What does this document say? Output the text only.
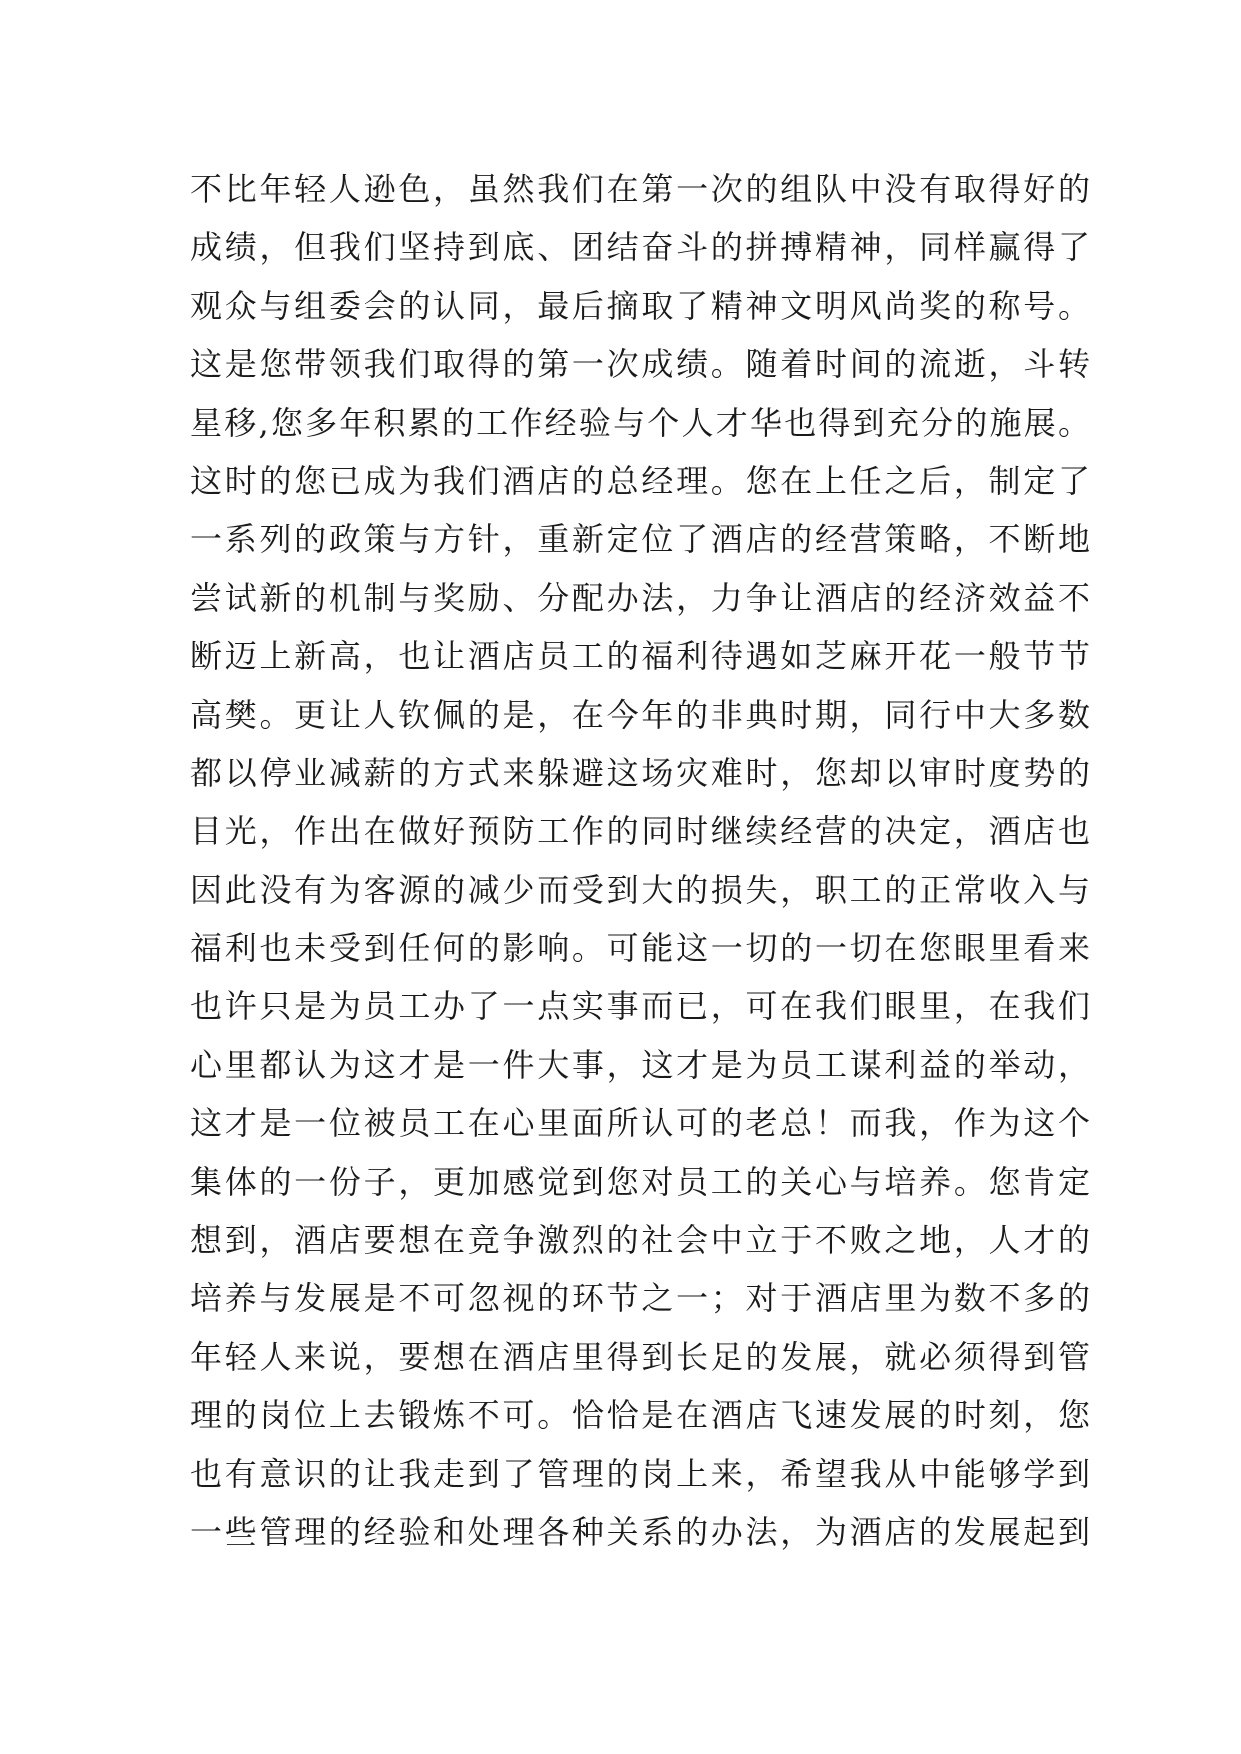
不比年轻人逊色，虽然我们在第一次的组队中没有取得好的
成绩，但我们坚持到底、团结奋斗的拼搏精神，同样赢得了
观众与组委会的认同，最后摘取了精神文明风尚奖的称号。
这是您带领我们取得的第一次成绩。随着时间的流逝，斗转
星移,您多年积累的工作经验与个人才华也得到充分的施展。
这时的您已成为我们酒店的总经理。您在上任之后，制定了
一系列的政策与方针，重新定位了酒店的经营策略，不断地
尝试新的机制与奖励、分配办法，力争让酒店的经济效益不
断迈上新高，也让酒店员工的福利待遇如芝麻开花一般节节
高樊。更让人钦佩的是，在今年的非典时期，同行中大多数
都以停业减薪的方式来躲避这场灾难时，您却以审时度势的
目光，作出在做好预防工作的同时继续经营的决定，酒店也
因此没有为客源的减少而受到大的损失，职工的正常收入与
福利也未受到任何的影响。可能这一切的一切在您眼里看来
也许只是为员工办了一点实事而已，可在我们眼里，在我们
心里都认为这才是一件大事，这才是为员工谋利益的举动，
这才是一位被员工在心里面所认可的老总！而我，作为这个
集体的一份子，更加感觉到您对员工的关心与培养。您肯定
想到，酒店要想在竞争激烈的社会中立于不败之地，人才的
培养与发展是不可忽视的环节之一；对于酒店里为数不多的
年轻人来说，要想在酒店里得到长足的发展，就必须得到管
理的岗位上去锻炼不可。恰恰是在酒店飞速发展的时刻，您
也有意识的让我走到了管理的岗上来，希望我从中能够学到
一些管理的经验和处理各种关系的办法，为酒店的发展起到
